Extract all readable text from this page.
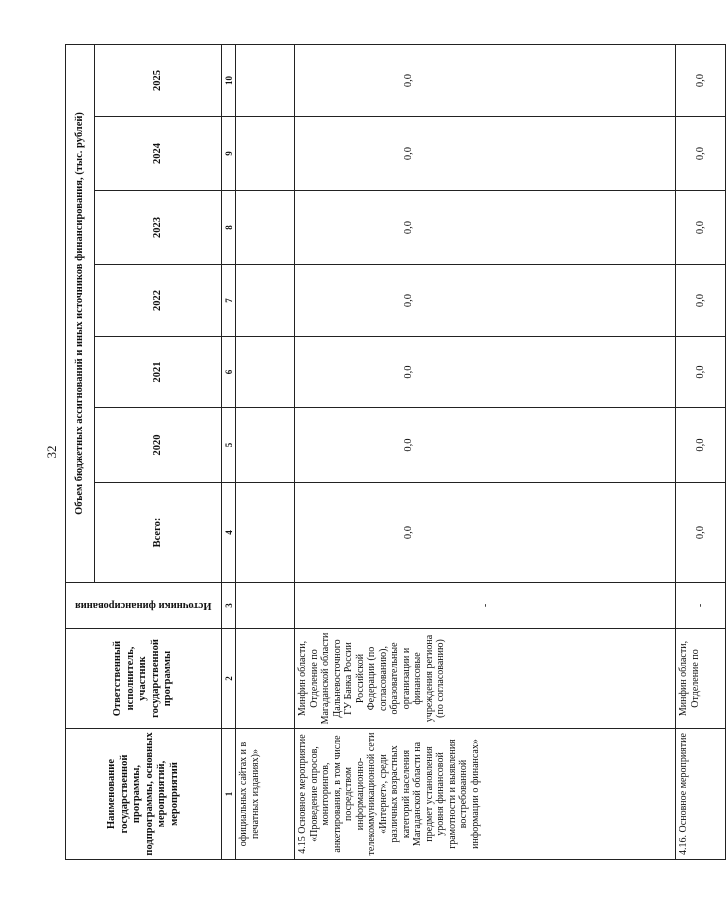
32
Наименование государственной программы, подпрограммы, основных мероприятий, мероприятий	Ответственный исполнитель, участник государственной программы	Источники финансирования	Объем бюджетных ассигнований и иных источников финансирования, (тыс. рублей)						
			Всего:	2020	2021	2022	2023	2024	2025
1	2	3	4	5	6	7	8	9	10
официальных сайтах и в печатных изданиях)»									
4.15 Основное мероприятие «Проведение опросов, мониторингов, анкетирования, в том числе посредством информационно-телекоммуникационной сети «Интернет», среди различных возрастных категорий населения Магаданской области на предмет установления уровня финансовой грамотности и выявления востребованной информации о финансах»	Минфин области, Отделение по Магаданской области Дальневосточного ГУ Банка России Российской Федерации (по согласованию), образовательные организации и финансовые учреждения региона (по согласованию)	-	0,0	0,0	0,0	0,0	0,0	0,0	0,0
4.16. Основное мероприятие	Минфин области, Отделение по	-	0,0	0,0	0,0	0,0	0,0	0,0	0,0
